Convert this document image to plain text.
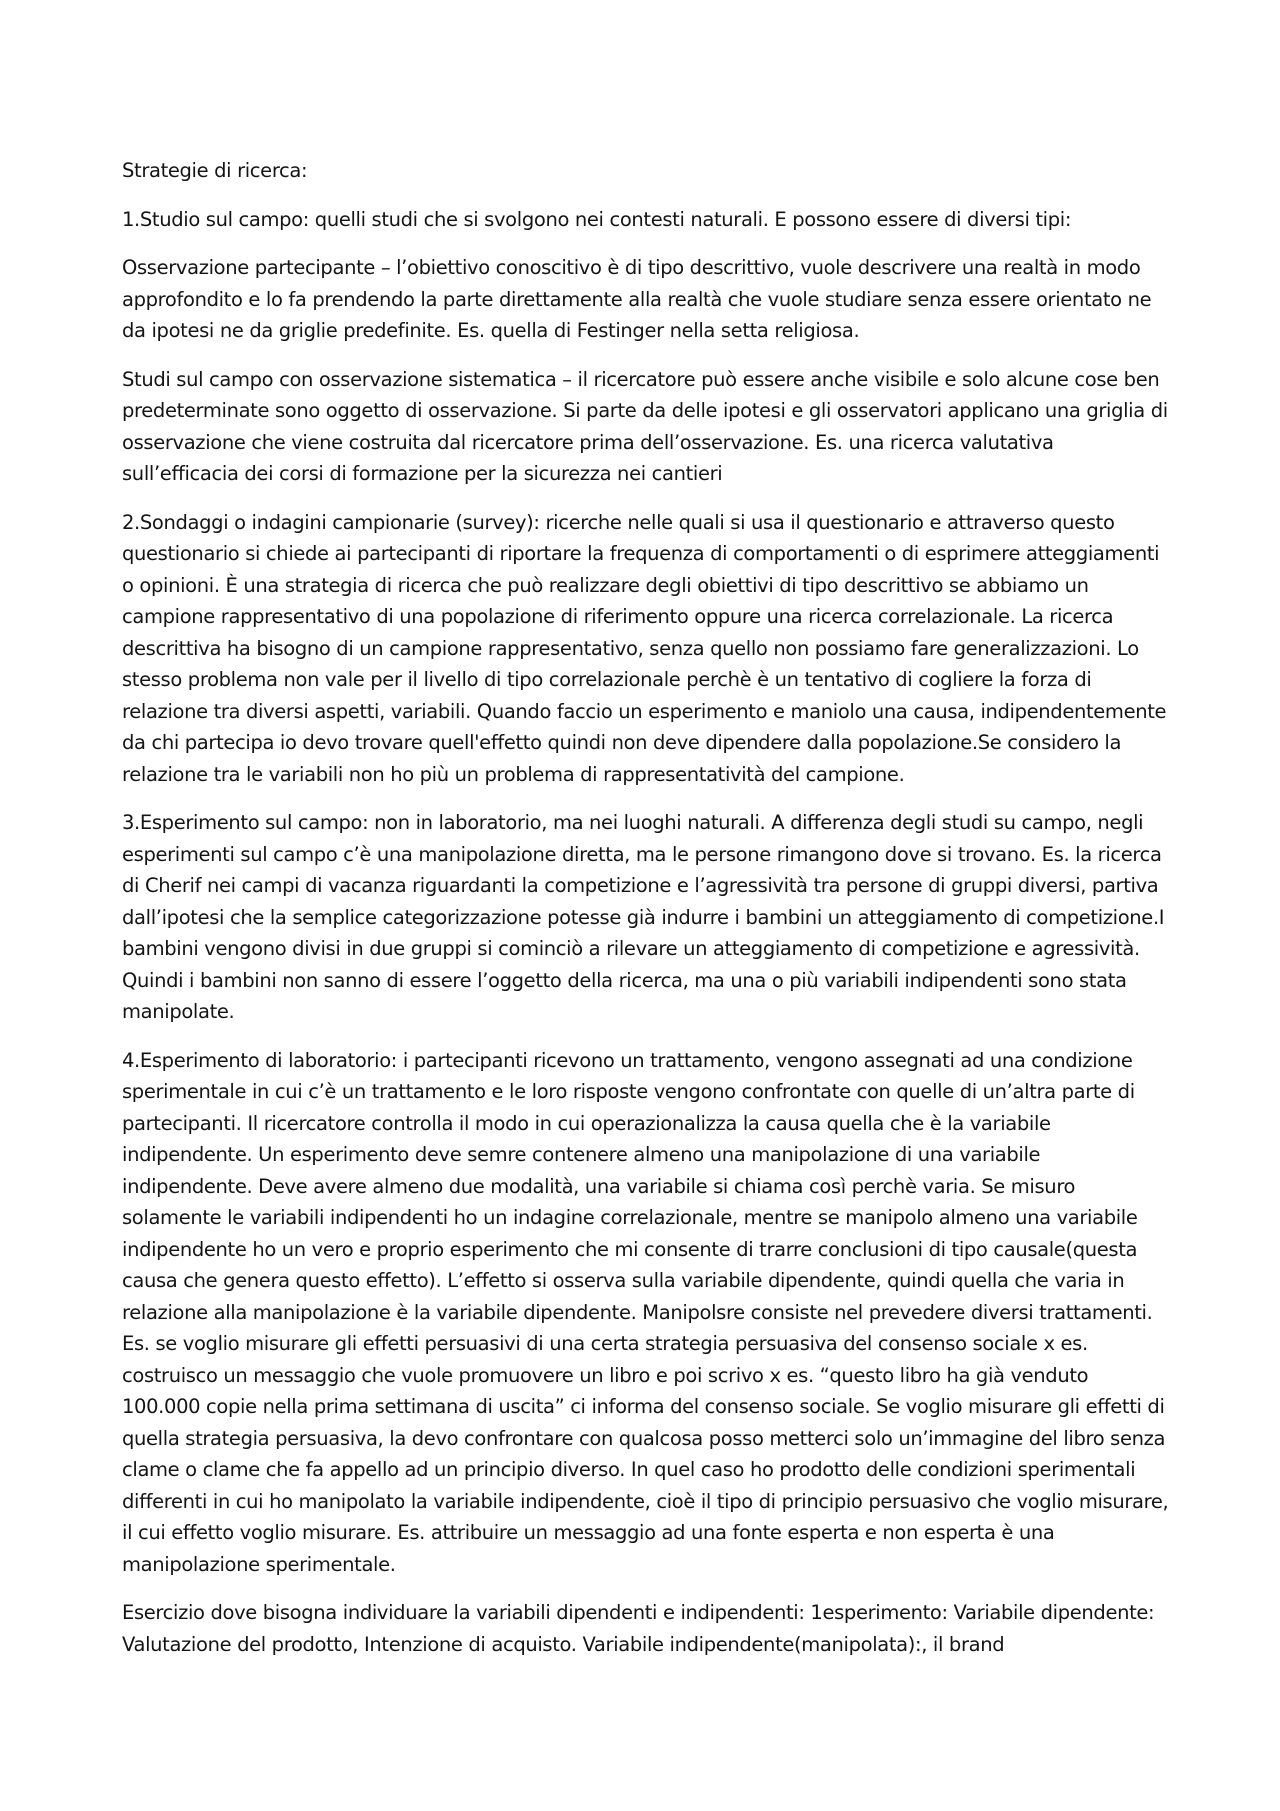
Strategie di ricerca:

1.Studio sul campo: quelli studi che si svolgono nei contesti naturali. E possono essere di diversi tipi:

Osservazione partecipante – l’obiettivo conoscitivo è di tipo descrittivo, vuole descrivere una realtà in modo approfondito e lo fa prendendo la parte direttamente alla realtà che vuole studiare senza essere orientato ne da ipotesi ne da griglie predefinite. Es. quella di Festinger nella setta religiosa.

Studi sul campo con osservazione sistematica – il ricercatore può essere anche visibile e solo alcune cose ben predeterminate sono oggetto di osservazione. Si parte da delle ipotesi e gli osservatori applicano una griglia di osservazione che viene costruita dal ricercatore prima dell’osservazione. Es. una ricerca valutativa sull’efficacia dei corsi di formazione per la sicurezza nei cantieri

2.Sondaggi o indagini campionarie (survey): ricerche nelle quali si usa il questionario e attraverso questo questionario si chiede ai partecipanti di riportare la frequenza di comportamenti o di esprimere atteggiamenti o opinioni. È una strategia di ricerca che può realizzare degli obiettivi di tipo descrittivo se abbiamo un campione rappresentativo di una popolazione di riferimento oppure una ricerca correlazionale. La ricerca descrittiva ha bisogno di un campione rappresentativo, senza quello non possiamo fare generalizzazioni. Lo stesso problema non vale per il livello di tipo correlazionale perchè è un tentativo di cogliere la forza di relazione tra diversi aspetti, variabili. Quando faccio un esperimento e maniolo una causa, indipendentemente da chi partecipa io devo trovare quell'effetto quindi non deve dipendere dalla popolazione.Se considero la relazione tra le variabili non ho più un problema di rappresentatività del campione.

3.Esperimento sul campo: non in laboratorio, ma nei luoghi naturali. A differenza degli studi su campo, negli esperimenti sul campo c’è una manipolazione diretta, ma le persone rimangono dove si trovano. Es. la ricerca di Cherif nei campi di vacanza riguardanti la competizione e l’agressività tra persone di gruppi diversi, partiva dall’ipotesi che la semplice categorizzazione potesse già indurre i bambini un atteggiamento di competizione.I bambini vengono divisi in due gruppi si cominciò a rilevare un atteggiamento di competizione e agressività. Quindi i bambini non sanno di essere l’oggetto della ricerca, ma una o più variabili indipendenti sono stata manipolate.

4.Esperimento di laboratorio: i partecipanti ricevono un trattamento, vengono assegnati ad una condizione sperimentale in cui c’è un trattamento e le loro risposte vengono confrontate con quelle di un’altra parte di partecipanti. Il ricercatore controlla il modo in cui operazionalizza la causa quella che è la variabile indipendente. Un esperimento deve semre contenere almeno una manipolazione di una variabile indipendente. Deve avere almeno due modalità, una variabile si chiama così perchè varia. Se misuro solamente le variabili indipendenti ho un indagine correlazionale, mentre se manipolo almeno una variabile indipendente ho un vero e proprio esperimento che mi consente di trarre conclusioni di tipo causale(questa causa che genera questo effetto). L’effetto si osserva sulla variabile dipendente, quindi quella che varia in relazione alla manipolazione è la variabile dipendente. Manipolsre consiste nel prevedere diversi trattamenti. Es. se voglio misurare gli effetti persuasivi di una certa strategia persuasiva del consenso sociale x es. costruisco un messaggio che vuole promuovere un libro e poi scrivo x es. “questo libro ha già venduto 100.000 copie nella prima settimana di uscita” ci informa del consenso sociale. Se voglio misurare gli effetti di quella strategia persuasiva, la devo confrontare con qualcosa posso metterci solo un’immagine del libro senza clame o clame che fa appello ad un principio diverso. In quel caso ho prodotto delle condizioni sperimentali differenti in cui ho manipolato la variabile indipendente, cioè il tipo di principio persuasivo che voglio misurare, il cui effetto voglio misurare. Es. attribuire un messaggio ad una fonte esperta e non esperta è una manipolazione sperimentale.

Esercizio dove bisogna individuare la variabili dipendenti e indipendenti: 1esperimento: Variabile dipendente: Valutazione del prodotto, Intenzione di acquisto. Variabile indipendente(manipolata):, il brand
